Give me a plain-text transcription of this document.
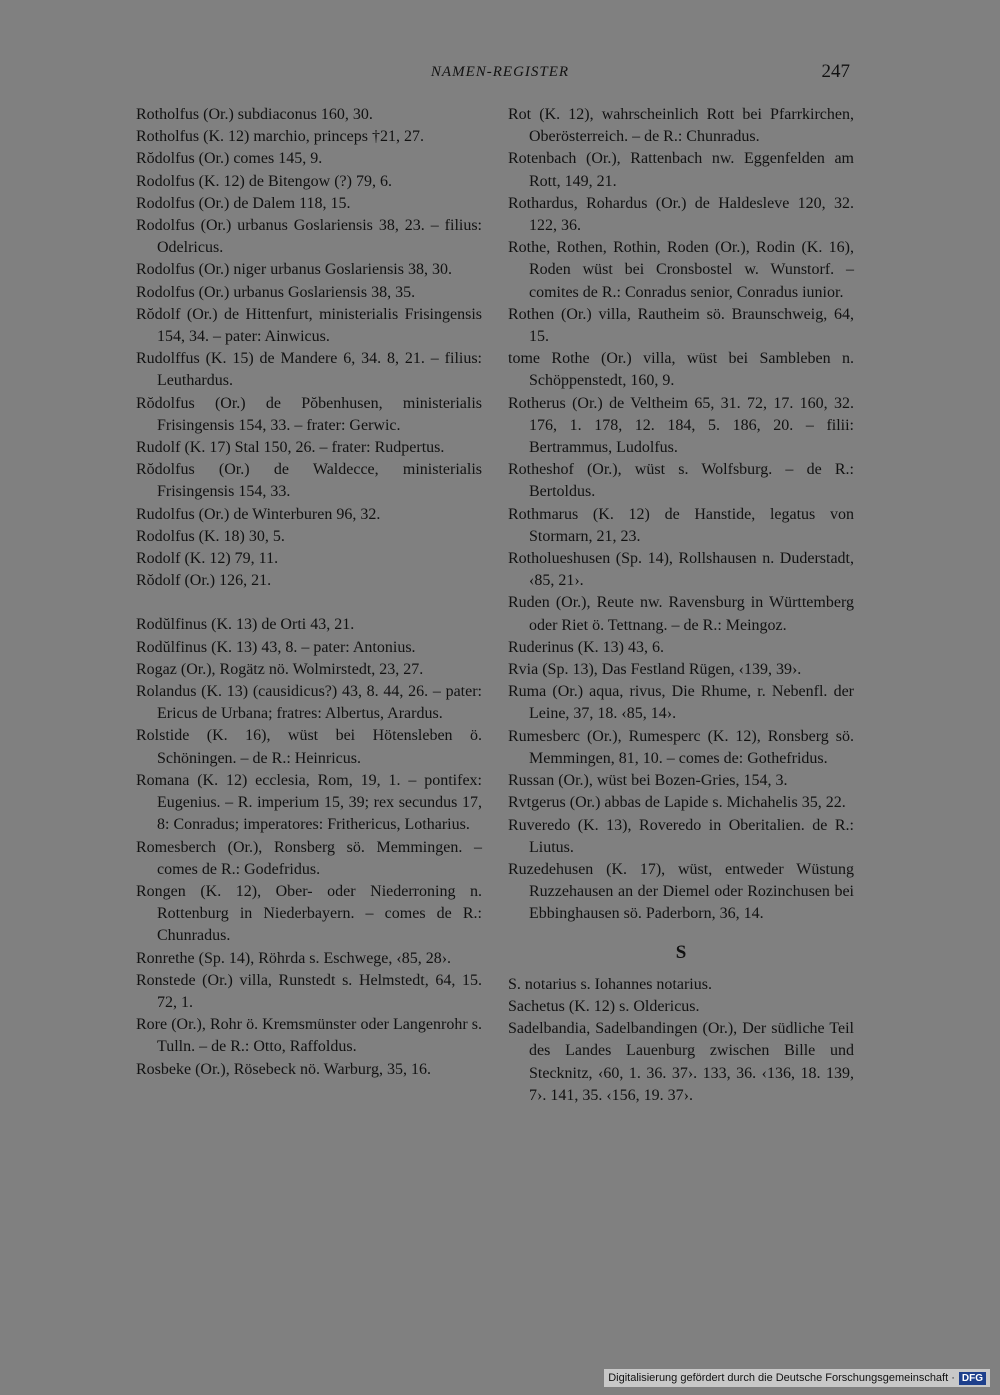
NAMEN-REGISTER	247
Rotholfus (Or.) subdiaconus 160, 30.
Rotholfus (K. 12) marchio, princeps †21, 27.
Rŏdolfus (Or.) comes 145, 9.
Rodolfus (K. 12) de Bitengow (?) 79, 6.
Rodolfus (Or.) de Dalem 118, 15.
Rodolfus (Or.) urbanus Goslariensis 38, 23. – filius: Odelricus.
Rodolfus (Or.) niger urbanus Goslariensis 38, 30.
Rodolfus (Or.) urbanus Goslariensis 38, 35.
Rŏdolf (Or.) de Hittenfurt, ministerialis Frisingensis 154, 34. – pater: Ainwicus.
Rudolffus (K. 15) de Mandere 6, 34. 8, 21. – filius: Leuthardus.
Rŏdolfus (Or.) de Pŏbenhusen, ministerialis Frisingensis 154, 33. – frater: Gerwic.
Rudolf (K. 17) Stal 150, 26. – frater: Rudpertus.
Rŏdolfus (Or.) de Waldecce, ministerialis Frisingensis 154, 33.
Rudolfus (Or.) de Winterburen 96, 32.
Rodolfus (K. 18) 30, 5.
Rodolf (K. 12) 79, 11.
Rŏdolf (Or.) 126, 21.
Rodŭlfinus (K. 13) de Orti 43, 21.
Rodŭlfinus (K. 13) 43, 8. – pater: Antonius.
Rogaz (Or.), Rogätz nö. Wolmirstedt, 23, 27.
Rolandus (K. 13) (causidicus?) 43, 8. 44, 26. – pater: Ericus de Urbana; fratres: Albertus, Arardus.
Rolstide (K. 16), wüst bei Hötensleben ö. Schöningen. – de R.: Heinricus.
Romana (K. 12) ecclesia, Rom, 19, 1. – pontifex: Eugenius. – R. imperium 15, 39; rex secundus 17, 8: Conradus; imperatores: Frithericus, Lotharius.
Romesberch (Or.), Ronsberg sö. Memmingen. – comes de R.: Godefridus.
Rongen (K. 12), Ober- oder Niederroning n. Rottenburg in Niederbayern. – comes de R.: Chunradus.
Ronrethe (Sp. 14), Röhrda s. Eschwege, ‹85, 28›.
Ronstede (Or.) villa, Runstedt s. Helmstedt, 64, 15. 72, 1.
Rore (Or.), Rohr ö. Kremsmünster oder Langenrohr s. Tulln. – de R.: Otto, Raffoldus.
Rosbeke (Or.), Rösebeck nö. Warburg, 35, 16.
Rot (K. 12), wahrscheinlich Rott bei Pfarrkirchen, Oberösterreich. – de R.: Chunradus.
Rotenbach (Or.), Rattenbach nw. Eggenfelden am Rott, 149, 21.
Rothardus, Rohardus (Or.) de Haldesleve 120, 32. 122, 36.
Rothe, Rothen, Rothin, Roden (Or.), Rodin (K. 16), Roden wüst bei Cronsbostel w. Wunstorf. – comites de R.: Conradus senior, Conradus iunior.
Rothen (Or.) villa, Rautheim sö. Braunschweig, 64, 15.
tome Rothe (Or.) villa, wüst bei Sambleben n. Schöppenstedt, 160, 9.
Rotherus (Or.) de Veltheim 65, 31. 72, 17. 160, 32. 176, 1. 178, 12. 184, 5. 186, 20. – filii: Bertrammus, Ludolfus.
Rotheshof (Or.), wüst s. Wolfsburg. – de R.: Bertoldus.
Rothmarus (K. 12) de Hanstide, legatus von Stormarn, 21, 23.
Rotholueshusen (Sp. 14), Rollshausen n. Duderstadt, ‹85, 21›.
Ruden (Or.), Reute nw. Ravensburg in Württemberg oder Riet ö. Tettnang. – de R.: Meingoz.
Ruderinus (K. 13) 43, 6.
Rvia (Sp. 13), Das Festland Rügen, ‹139, 39›.
Ruma (Or.) aqua, rivus, Die Rhume, r. Nebenfl. der Leine, 37, 18. ‹85, 14›.
Rumesberc (Or.), Rumesperc (K. 12), Ronsberg sö. Memmingen, 81, 10. – comes de: Gothefridus.
Russan (Or.), wüst bei Bozen-Gries, 154, 3.
Rvtgerus (Or.) abbas de Lapide s. Michahelis 35, 22.
Ruveredo (K. 13), Roveredo in Oberitalien. de R.: Liutus.
Ruzedehusen (K. 17), wüst, entweder Wüstung Ruzzehausen an der Diemel oder Rozinchusen bei Ebbinghausen sö. Paderborn, 36, 14.
S
S. notarius s. Iohannes notarius.
Sachetus (K. 12) s. Oldericus.
Sadelbandia, Sadelbandingen (Or.), Der südliche Teil des Landes Lauenburg zwischen Bille und Stecknitz, ‹60, 1. 36. 37›. 133, 36. ‹136, 18. 139, 7›. 141, 35. ‹156, 19. 37›.
Digitalisierung gefördert durch die Deutsche Forschungsgemeinschaft · DFG
